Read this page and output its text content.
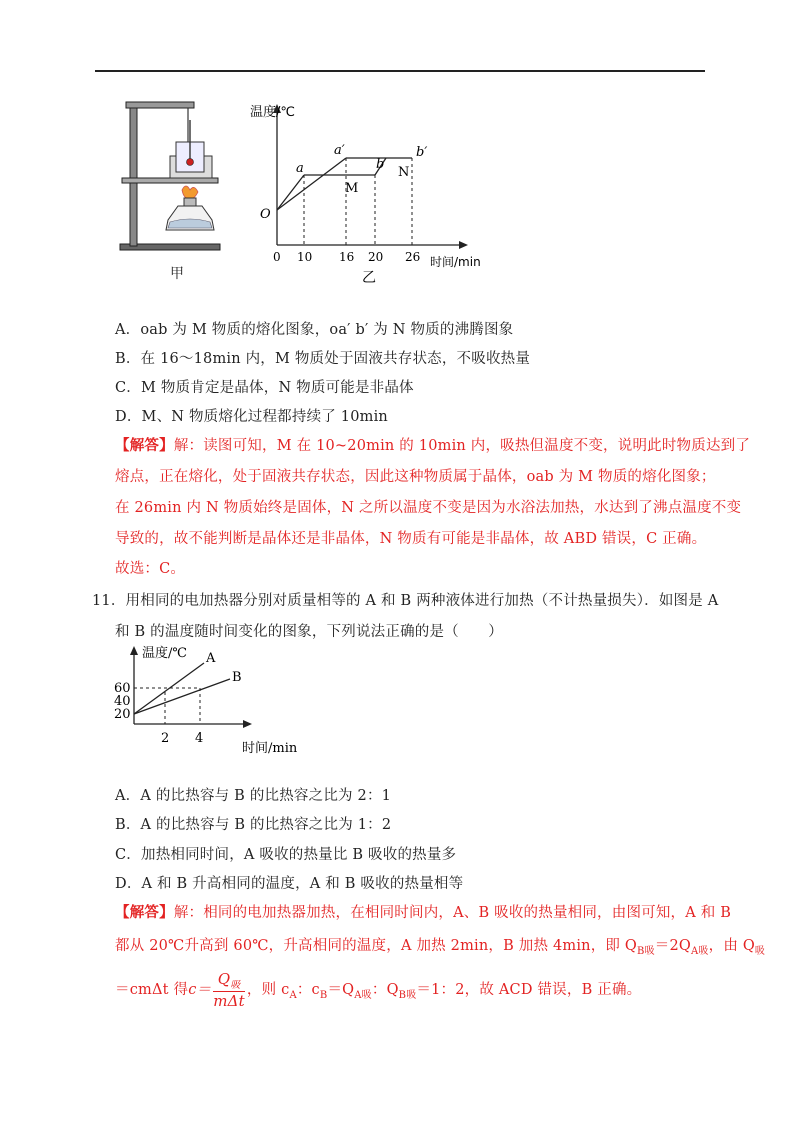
甲
温度/℃
时间/min
O
a
a′
b
b′
M
N
0 10 16 20 26
乙
A．oab 为 M 物质的熔化图象，oa′ b′ 为 N 物质的沸腾图象
B．在 16～18min 内，M 物质处于固液共存状态，不吸收热量
C．M 物质肯定是晶体，N 物质可能是非晶体
D．M、N 物质熔化过程都持续了 10min
【解答】解：读图可知，M 在 10~20min 的 10min 内，吸热但温度不变，说明此时物质达到了
熔点，正在熔化，处于固液共存状态，因此这种物质属于晶体，oab 为 M 物质的熔化图象；
在 26min 内 N 物质始终是固体，N 之所以温度不变是因为水浴法加热，水达到了沸点温度不变
导致的，故不能判断是晶体还是非晶体，N 物质有可能是非晶体，故 ABD 错误，C 正确。
故选：C。
11．用相同的电加热器分别对质量相等的 A 和 B 两种液体进行加热（不计热量损失）．如图是 A
和 B 的温度随时间变化的图象，下列说法正确的是（　　）
温度/℃
时间/min
A
B
60
40
20
2 4
A．A 的比热容与 B 的比热容之比为 2：1
B．A 的比热容与 B 的比热容之比为 1：2
C．加热相同时间，A 吸收的热量比 B 吸收的热量多
D．A 和 B 升高相同的温度，A 和 B 吸收的热量相等
【解答】解：相同的电加热器加热，在相同时间内，A、B 吸收的热量相同，由图可知，A 和 B
都从 20℃升高到 60℃，升高相同的温度，A 加热 2min，B 加热 4min，即 $Q_{B吸}=2Q_{A吸}$，由 $Q_吸$
＝cmΔt 得$c= \frac{Q_吸}{\text{mΔt}}$ ，则 $c_A$：$c_B=Q_{A吸}$：$Q_{B吸}=1$：2，故 ACD 错误，B 正确。
